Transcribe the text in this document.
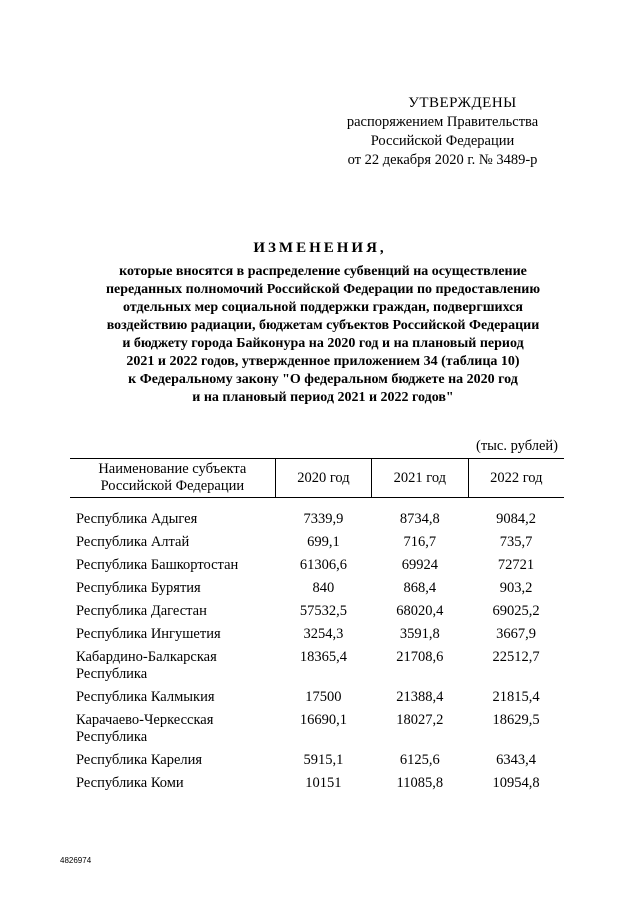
УТВЕРЖДЕНЫ
распоряжением Правительства
Российской Федерации
от 22 декабря 2020 г. № 3489-р
ИЗМЕНЕНИЯ,
которые вносятся в распределение субвенций на осуществление
переданных полномочий Российской Федерации по предоставлению
отдельных мер социальной поддержки граждан, подвергшихся
воздействию радиации, бюджетам субъектов Российской Федерации
и бюджету города Байконура на 2020 год и на плановый период
2021 и 2022 годов, утвержденное приложением 34 (таблица 10)
к Федеральному закону "О федеральном бюджете на 2020 год
и на плановый период 2021 и 2022 годов"
(тыс. рублей)
Наименование субъекта Российской Федерации	2020 год	2021 год	2022 год

Республика Адыгея	7339,9	8734,8	9084,2
Республика Алтай	699,1	716,7	735,7
Республика Башкортостан	61306,6	69924	72721
Республика Бурятия	840	868,4	903,2
Республика Дагестан	57532,5	68020,4	69025,2
Республика Ингушетия	3254,3	3591,8	3667,9
Кабардино-Балкарская Республика	18365,4	21708,6	22512,7
Республика Калмыкия	17500	21388,4	21815,4
Карачаево-Черкесская Республика	16690,1	18027,2	18629,5
Республика Карелия	5915,1	6125,6	6343,4
Республика Коми	10151	11085,8	10954,8
4826974
